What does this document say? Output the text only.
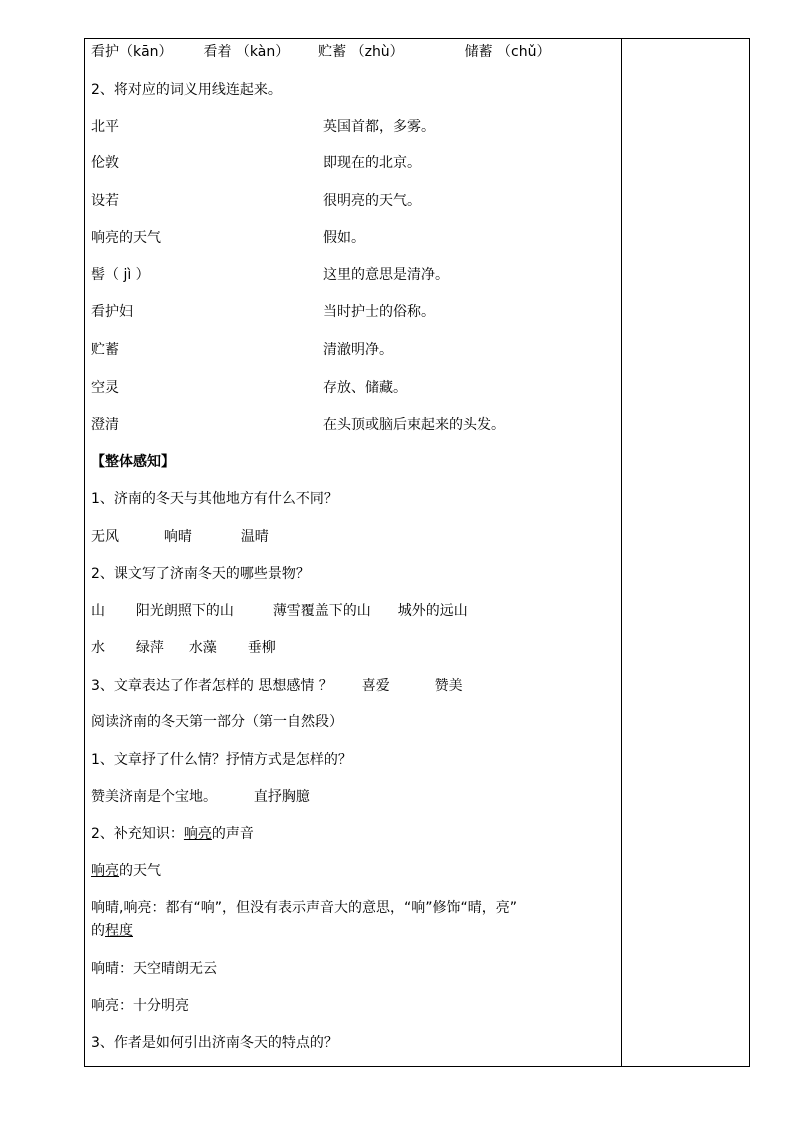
看护（kān） 看着 （kàn） 贮蓄 （zhù）	储蓄 （chǔ）
2、将对应的词义用线连起来。
北平	英国首都，多雾。
伦敦	即现在的北京。
设若	很明亮的天气。
响亮的天气	假如。
髻（ jì ）	这里的意思是清净。
看护妇	当时护士的俗称。
贮蓄	清澈明净。
空灵	存放、储藏。
澄清	在头顶或脑后束起来的头发。
【整体感知】
1、济南的冬天与其他地方有什么不同？
无风	响晴	温晴
2、课文写了济南冬天的哪些景物？
山 阳光朗照下的山	薄雪覆盖下的山 城外的远山
水 绿萍 水藻 垂柳
3、文章表达了作者怎样的 思想感情 ？ 喜爱	赞美
阅读济南的冬天第一部分（第一自然段）
1、文章抒了什么情？抒情方式是怎样的？
赞美济南是个宝地。	直抒胸臆
2、补充知识：响亮的声音
响亮的天气
响晴,响亮：都有“响”，但没有表示声音大的意思，“响”修饰“晴，亮”
的程度
响晴：天空晴朗无云
响亮：十分明亮
3、作者是如何引出济南冬天的特点的？
